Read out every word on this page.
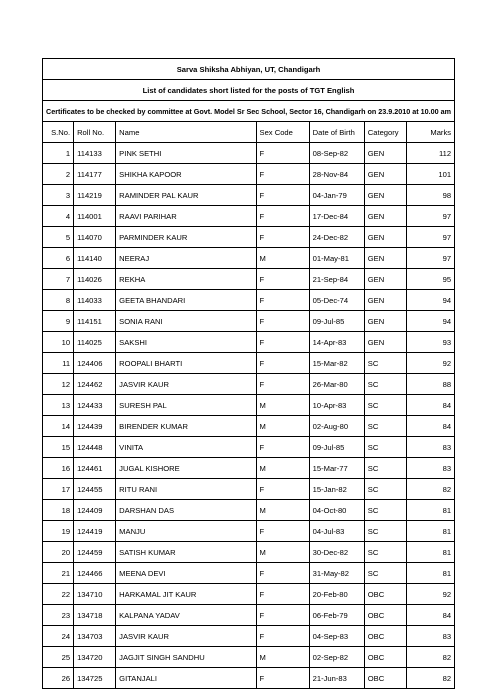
Sarva Shiksha Abhiyan, UT, Chandigarh						
List of candidates short listed for the posts of TGT English						
Certificates to be checked by committee at Govt. Model Sr Sec School, Sector 16, Chandigarh on 23.9.2010 at 10.00 am						
S.No.	Roll No.	Name	Sex Code	Date of Birth	Category	Marks
1	114133	PINK SETHI	F	08-Sep-82	GEN	112
2	114177	SHIKHA KAPOOR	F	28-Nov-84	GEN	101
3	114219	RAMINDER PAL KAUR	F	04-Jan-79	GEN	98
4	114001	RAAVI PARIHAR	F	17-Dec-84	GEN	97
5	114070	PARMINDER KAUR	F	24-Dec-82	GEN	97
6	114140	NEERAJ	M	01-May-81	GEN	97
7	114026	REKHA	F	21-Sep-84	GEN	95
8	114033	GEETA BHANDARI	F	05-Dec-74	GEN	94
9	114151	SONIA RANI	F	09-Jul-85	GEN	94
10	114025	SAKSHI	F	14-Apr-83	GEN	93
11	124406	ROOPALI BHARTI	F	15-Mar-82	SC	92
12	124462	JASVIR KAUR	F	26-Mar-80	SC	88
13	124433	SURESH PAL	M	10-Apr-83	SC	84
14	124439	BIRENDER KUMAR	M	02-Aug-80	SC	84
15	124448	VINITA	F	09-Jul-85	SC	83
16	124461	JUGAL KISHORE	M	15-Mar-77	SC	83
17	124455	RITU RANI	F	15-Jan-82	SC	82
18	124409	DARSHAN DAS	M	04-Oct-80	SC	81
19	124419	MANJU	F	04-Jul-83	SC	81
20	124459	SATISH KUMAR	M	30-Dec-82	SC	81
21	124466	MEENA DEVI	F	31-May-82	SC	81
22	134710	HARKAMAL JIT KAUR	F	20-Feb-80	OBC	92
23	134718	KALPANA YADAV	F	06-Feb-79	OBC	84
24	134703	JASVIR KAUR	F	04-Sep-83	OBC	83
25	134720	JAGJIT SINGH SANDHU	M	02-Sep-82	OBC	82
26	134725	GITANJALI	F	21-Jun-83	OBC	82
